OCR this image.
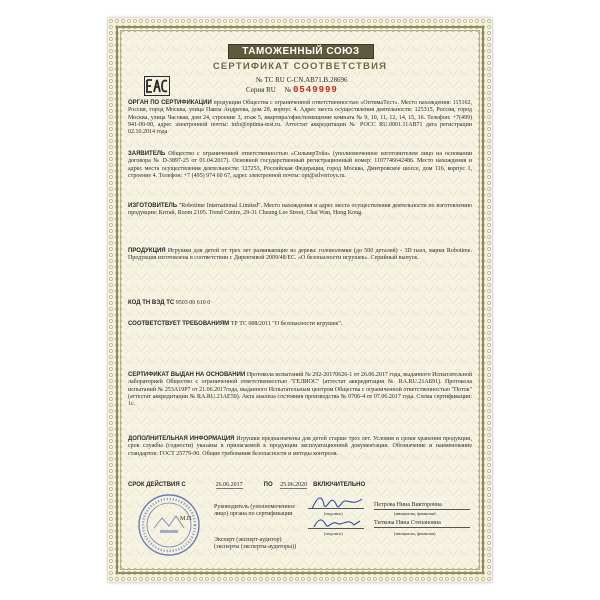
ТАМОЖЕННЫЙ СОЮЗ
СЕРТИФИКАТ СООТВЕТСТВИЯ
№ ТС RU C-CN.АВ71.В.28696
Серия RU № 0549999
ОРГАН ПО СЕРТИФИКАЦИИ продукции Общества с ограниченной ответственностью «ОптимаТест». Место нахождения: 115162, Россия, город Москва, улица Павла Андреева, дом 28, корпус 4. Адрес места осуществления деятельности: 125315, Россия, город Москва, улица Часовая, дом 24, строение 3, этаж 5, квартира/офис/помещение комната № 9, 10, 11, 12, 14, 15, 16. Телефон: +7(499) 941-00-90, адрес электронной почты: info@optima-test.ru. Аттестат аккредитации № РОСС RU.0001.11АВ71 дата регистрации 02.10.2014 года
ЗАЯВИТЕЛЬ Общество с ограниченной ответственностью «СильверТойз» (уполномоченное изготовителем лицо на основании договора № D-3897-25 от 01.04.2017). Основной государственный регистрационный номер: 1107746642486. Место нахождения и адрес места осуществления деятельности: 127253, Российская Федерация, город Москва, Дмитровское шоссе, дом 116, корпус 1, строение 4. Телефон: +7 (495) 974 60 67, адрес электронной почты: opt@silvertoys.ru.
ИЗГОТОВИТЕЛЬ "Robotime International Limited". Место нахождения и адрес места осуществления деятельности по изготовлению продукции: Китай, Room 2105. Trend Centre, 29-31 Cheung Lee Street, Chai Wan, Hong Kong.
ПРОДУКЦИЯ Игрушки для детей от трех лет развивающие из дерева: головоломки (до 500 деталей) - 3D пазл, марки Robotime. Продукция изготовлена в соответствии с Директивой 2009/48/ЕС. «О безопасности игрушек». Серийный выпуск.
КОД ТН ВЭД ТС 9503 00 610 0
СООТВЕТСТВУЕТ ТРЕБОВАНИЯМ ТР ТС 008/2011 "О безопасности игрушек".
СЕРТИФИКАТ ВЫДАН НА ОСНОВАНИИ Протокола испытаний № 292-20170626-1 от 26.06.2017 года, выданного Испытательной лабораторией Общество с ограниченной ответственностью "ГЕЛИОС" (аттестат аккредитации № RA.RU.21АБ91). Протокола испытаний № 253А19Р7 от 21.06.2017года, выданного Испытательным центром Общества с ограниченной ответственностью "Поток" (аттестат аккредитации № RA.RU.21АЕ59). Акта анализа состояния производства № 0706-4 от 07.06.2017 года. Схема сертификации: 1с.
ДОПОЛНИТЕЛЬНАЯ ИНФОРМАЦИЯ Игрушки предназначены для детей старше трех лет. Условия и сроки хранения продукции, срок службы (годности) указаны в прилагаемой к продукции эксплуатационной документации. Обозначение и наименование стандартов: ГОСТ 25779-90. Общие требования безопасности и методы контроля.
СРОК ДЕЙСТВИЯ С	26.06.2017	ПО 25.06.2020 ВКЛЮЧИТЕЛЬНО
М.П.
Руководитель (уполномоченное
лицо) органа по сертификации	(подпись)
Петрова Нина Викторовна
(инициалы, фамилия)
Эксперт (эксперт-аудитор)
(эксперты (эксперты-аудиторы))
(подпись)
Титкова Нина Степановна
(инициалы, фамилия)
